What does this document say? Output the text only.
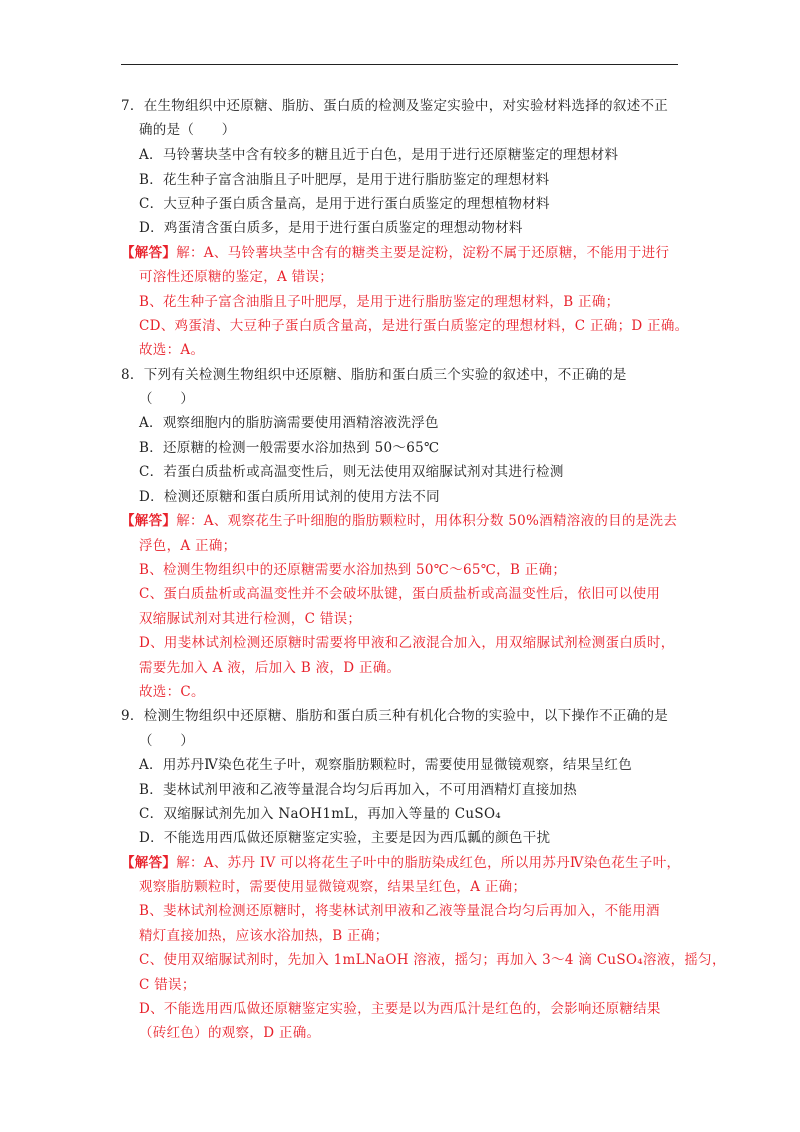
7．在生物组织中还原糖、脂肪、蛋白质的检测及鉴定实验中，对实验材料选择的叙述不正
确的是（　　）
A．马铃薯块茎中含有较多的糖且近于白色，是用于进行还原糖鉴定的理想材料
B．花生种子富含油脂且子叶肥厚，是用于进行脂肪鉴定的理想材料
C．大豆种子蛋白质含量高，是用于进行蛋白质鉴定的理想植物材料
D．鸡蛋清含蛋白质多，是用于进行蛋白质鉴定的理想动物材料
【解答】解：A、马铃薯块茎中含有的糖类主要是淀粉，淀粉不属于还原糖，不能用于进行
可溶性还原糖的鉴定，A 错误；
B、花生种子富含油脂且子叶肥厚，是用于进行脂肪鉴定的理想材料，B 正确；
CD、鸡蛋清、大豆种子蛋白质含量高，是进行蛋白质鉴定的理想材料，C 正确；D 正确。
故选：A。
8．下列有关检测生物组织中还原糖、脂肪和蛋白质三个实验的叙述中，不正确的是
（　　）
A．观察细胞内的脂肪滴需要使用酒精溶液洗浮色
B．还原糖的检测一般需要水浴加热到 50～65℃
C．若蛋白质盐析或高温变性后，则无法使用双缩脲试剂对其进行检测
D．检测还原糖和蛋白质所用试剂的使用方法不同
【解答】解：A、观察花生子叶细胞的脂肪颗粒时，用体积分数 50%酒精溶液的目的是洗去
浮色，A 正确；
B、检测生物组织中的还原糖需要水浴加热到 50℃～65℃，B 正确；
C、蛋白质盐析或高温变性并不会破坏肽键，蛋白质盐析或高温变性后，依旧可以使用
双缩脲试剂对其进行检测，C 错误；
D、用斐林试剂检测还原糖时需要将甲液和乙液混合加入，用双缩脲试剂检测蛋白质时，
需要先加入 A 液，后加入 B 液，D 正确。
故选：C。
9．检测生物组织中还原糖、脂肪和蛋白质三种有机化合物的实验中，以下操作不正确的是
（　　）
A．用苏丹Ⅳ染色花生子叶，观察脂肪颗粒时，需要使用显微镜观察，结果呈红色
B．斐林试剂甲液和乙液等量混合均匀后再加入，不可用酒精灯直接加热
C．双缩脲试剂先加入 NaOH1mL，再加入等量的 CuSO₄
D．不能选用西瓜做还原糖鉴定实验，主要是因为西瓜瓤的颜色干扰
【解答】解：A、苏丹 IV 可以将花生子叶中的脂肪染成红色，所以用苏丹Ⅳ染色花生子叶，
观察脂肪颗粒时，需要使用显微镜观察，结果呈红色，A 正确；
B、斐林试剂检测还原糖时，将斐林试剂甲液和乙液等量混合均匀后再加入，不能用酒
精灯直接加热，应该水浴加热，B 正确；
C、使用双缩脲试剂时，先加入 1mLNaOH 溶液，摇匀；再加入 3～4 滴 CuSO₄溶液，摇匀，
C 错误；
D、不能选用西瓜做还原糖鉴定实验，主要是以为西瓜汁是红色的，会影响还原糖结果
（砖红色）的观察，D 正确。
